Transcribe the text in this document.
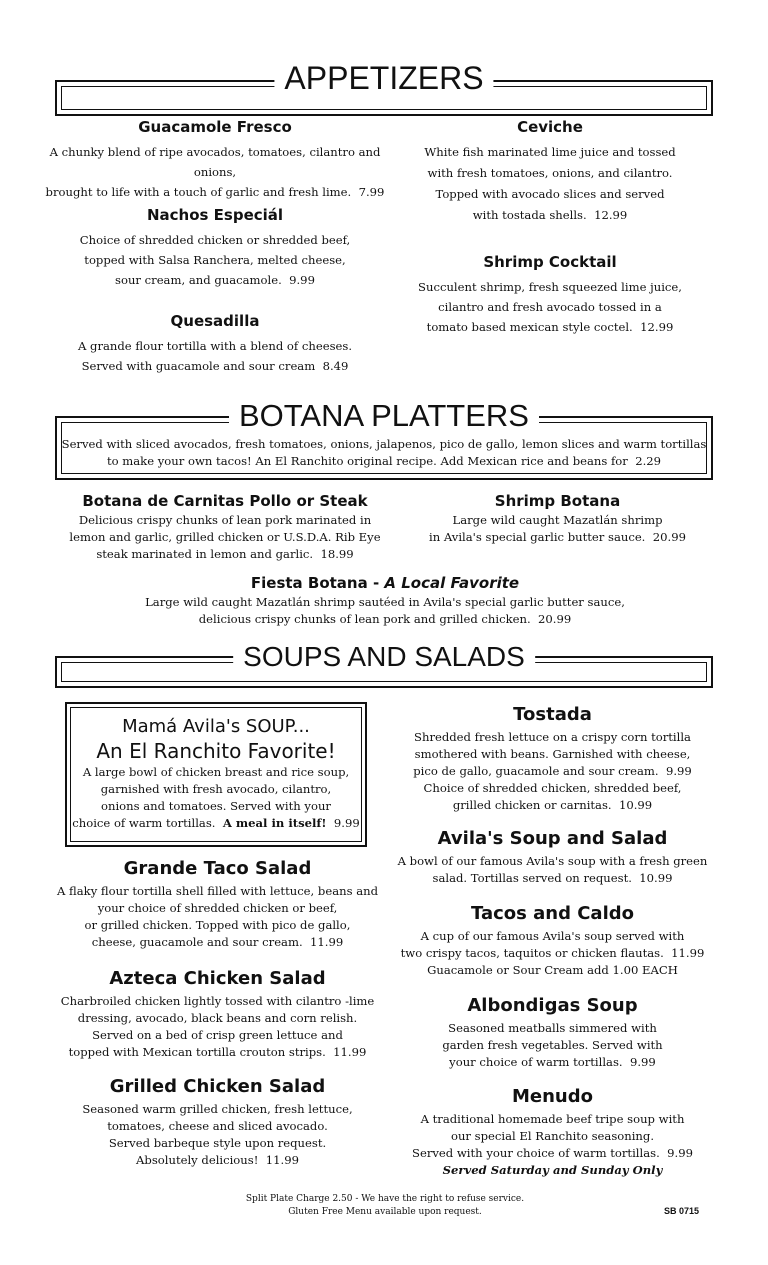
APPETIZERS
Guacamole Fresco
A chunky blend of ripe avocados, tomatoes, cilantro and onions,
brought to life with a touch of garlic and fresh lime. 7.99
Nachos Especiál
Choice of shredded chicken or shredded beef,
topped with Salsa Ranchera, melted cheese,
sour cream, and guacamole. 9.99
Quesadilla
A grande flour tortilla with a blend of cheeses.
Served with guacamole and sour cream 8.49
Ceviche
White fish marinated lime juice and tossed
with fresh tomatoes, onions, and cilantro.
Topped with avocado slices and served
with tostada shells. 12.99
Shrimp Cocktail
Succulent shrimp, fresh squeezed lime juice,
cilantro and fresh avocado tossed in a
tomato based mexican style coctel. 12.99
BOTANA PLATTERS
Served with sliced avocados, fresh tomatoes, onions, jalapenos, pico de gallo, lemon slices and warm tortillas
to make your own tacos! An El Ranchito original recipe. Add Mexican rice and beans for 2.29
Botana de Carnitas Pollo or Steak
Delicious crispy chunks of lean pork marinated in
lemon and garlic, grilled chicken or U.S.D.A. Rib Eye
steak marinated in lemon and garlic. 18.99
Shrimp Botana
Large wild caught Mazatlán shrimp
in Avila's special garlic butter sauce. 20.99
Fiesta Botana - A Local Favorite
Large wild caught Mazatlán shrimp sautéed in Avila's special garlic butter sauce,
delicious crispy chunks of lean pork and grilled chicken. 20.99
SOUPS AND SALADS
Mamá Avila's SOUP...
An El Ranchito Favorite!
A large bowl of chicken breast and rice soup,
garnished with fresh avocado, cilantro,
onions and tomatoes. Served with your
choice of warm tortillas. A meal in itself! 9.99
Grande Taco Salad
A flaky flour tortilla shell filled with lettuce, beans and
your choice of shredded chicken or beef,
or grilled chicken. Topped with pico de gallo,
cheese, guacamole and sour cream. 11.99
Azteca Chicken Salad
Charbroiled chicken lightly tossed with cilantro -lime
dressing, avocado, black beans and corn relish.
Served on a bed of crisp green lettuce and
topped with Mexican tortilla crouton strips. 11.99
Grilled Chicken Salad
Seasoned warm grilled chicken, fresh lettuce,
tomatoes, cheese and sliced avocado.
Served barbeque style upon request.
Absolutely delicious! 11.99
Tostada
Shredded fresh lettuce on a crispy corn tortilla
smothered with beans. Garnished with cheese,
pico de gallo, guacamole and sour cream. 9.99
Choice of shredded chicken, shredded beef,
grilled chicken or carnitas. 10.99
Avila's Soup and Salad
A bowl of our famous Avila's soup with a fresh green
salad. Tortillas served on request. 10.99
Tacos and Caldo
A cup of our famous Avila's soup served with
two crispy tacos, taquitos or chicken flautas. 11.99
Guacamole or Sour Cream add 1.00 EACH
Albondigas Soup
Seasoned meatballs simmered with
garden fresh vegetables. Served with
your choice of warm tortillas. 9.99
Menudo
A traditional homemade beef tripe soup with
our special El Ranchito seasoning.
Served with your choice of warm tortillas. 9.99
Served Saturday and Sunday Only
Split Plate Charge 2.50 - We have the right to refuse service.
Gluten Free Menu available upon request.	SB 0715
